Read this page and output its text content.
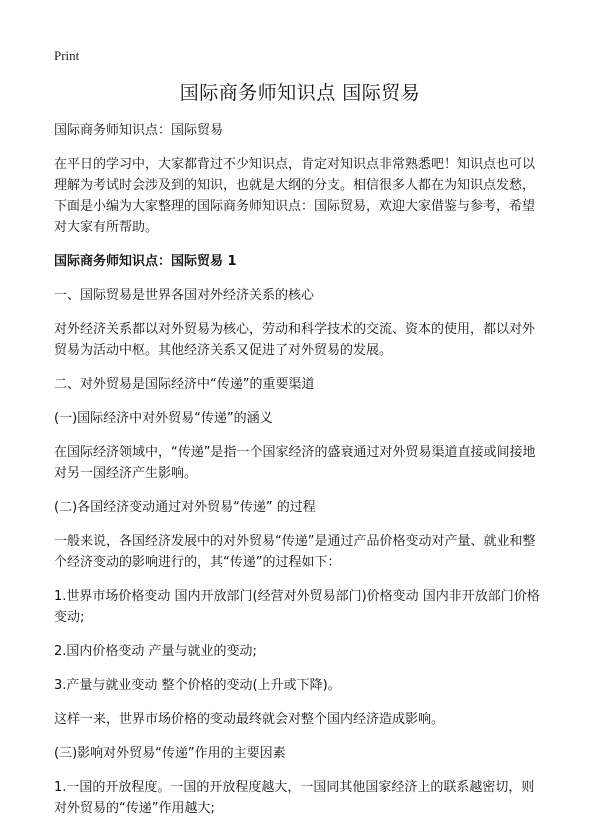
Print
国际商务师知识点 国际贸易

国际商务师知识点：国际贸易

在平日的学习中，大家都背过不少知识点，肯定对知识点非常熟悉吧！知识点也可以理解为考试时会涉及到的知识，也就是大纲的分支。相信很多人都在为知识点发愁，下面是小编为大家整理的国际商务师知识点：国际贸易，欢迎大家借鉴与参考，希望对大家有所帮助。

国际商务师知识点：国际贸易 1

一、国际贸易是世界各国对外经济关系的核心

对外经济关系都以对外贸易为核心，劳动和科学技术的交流、资本的使用，都以对外贸易为活动中枢。其他经济关系又促进了对外贸易的发展。

二、对外贸易是国际经济中“传递”的重要渠道

(一)国际经济中对外贸易“传递”的涵义

在国际经济领域中，“传递”是指一个国家经济的盛衰通过对外贸易渠道直接或间接地对另一国经济产生影响。

(二)各国经济变动通过对外贸易“传递” 的过程

一般来说，各国经济发展中的对外贸易“传递”是通过产品价格变动对产量、就业和整个经济变动的影响进行的，其“传递”的过程如下：

1.世界市场价格变动 国内开放部门(经营对外贸易部门)价格变动 国内非开放部门价格变动;

2.国内价格变动 产量与就业的变动;

3.产量与就业变动 整个价格的变动(上升或下降)。

这样一来，世界市场价格的变动最终就会对整个国内经济造成影响。

(三)影响对外贸易“传递”作用的主要因素

1.一国的开放程度。一国的开放程度越大，一国同其他国家经济上的联系越密切，则对外贸易的“传递”作用越大;
